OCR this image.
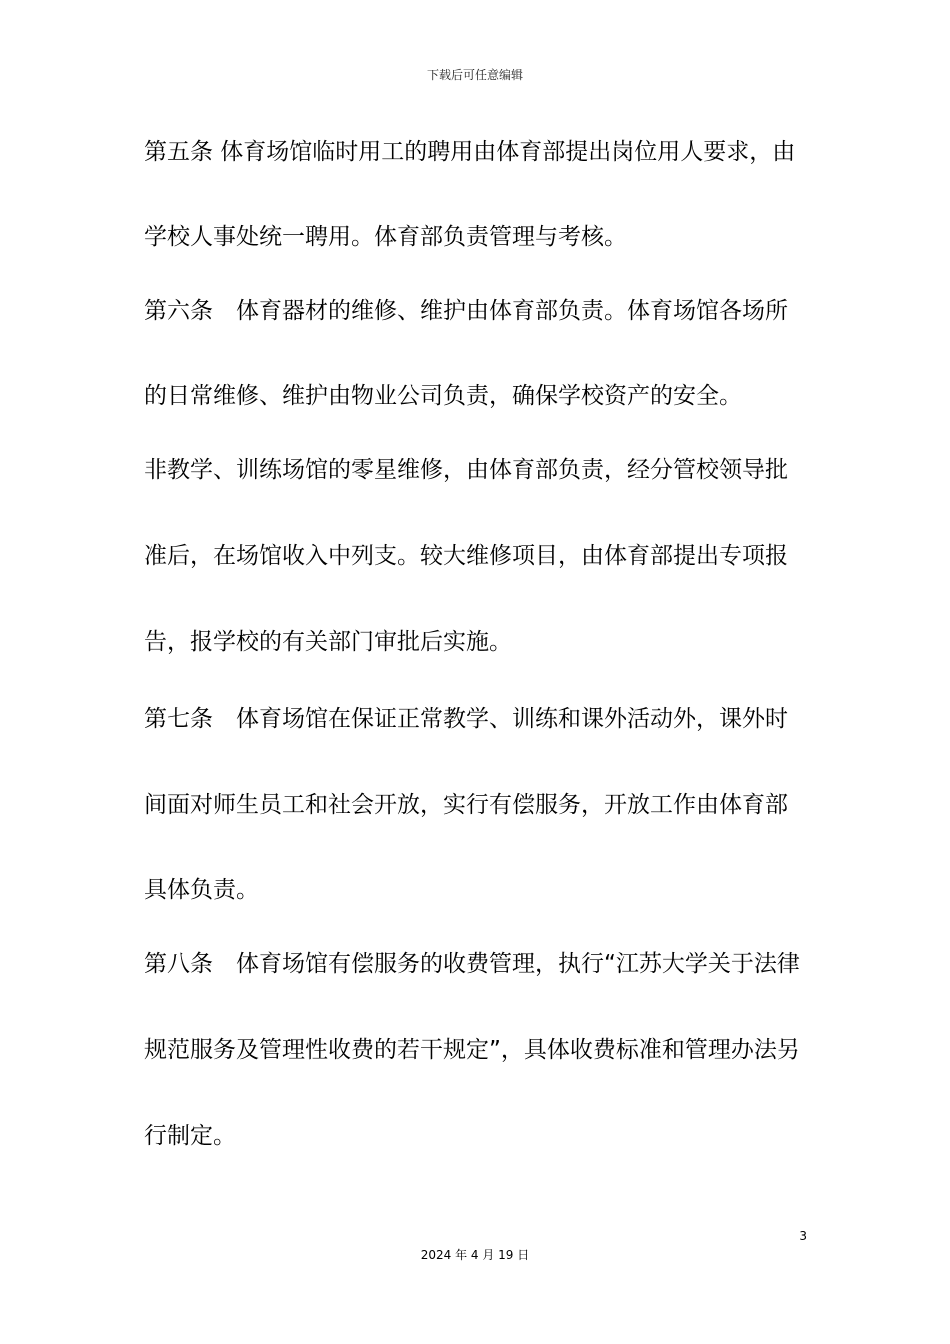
下载后可任意编辑
第五条 体育场馆临时用工的聘用由体育部提出岗位用人要求，由
学校人事处统一聘用。体育部负责管理与考核。
第六条　体育器材的维修、维护由体育部负责。体育场馆各场所
的日常维修、维护由物业公司负责，确保学校资产的安全。
非教学、训练场馆的零星维修，由体育部负责，经分管校领导批
准后，在场馆收入中列支。较大维修项目，由体育部提出专项报
告，报学校的有关部门审批后实施。
第七条　体育场馆在保证正常教学、训练和课外活动外，课外时
间面对师生员工和社会开放，实行有偿服务，开放工作由体育部
具体负责。
第八条　体育场馆有偿服务的收费管理，执行“江苏大学关于法律
规范服务及管理性收费的若干规定”，具体收费标准和管理办法另
行制定。
3
2024 年 4 月 19 日
